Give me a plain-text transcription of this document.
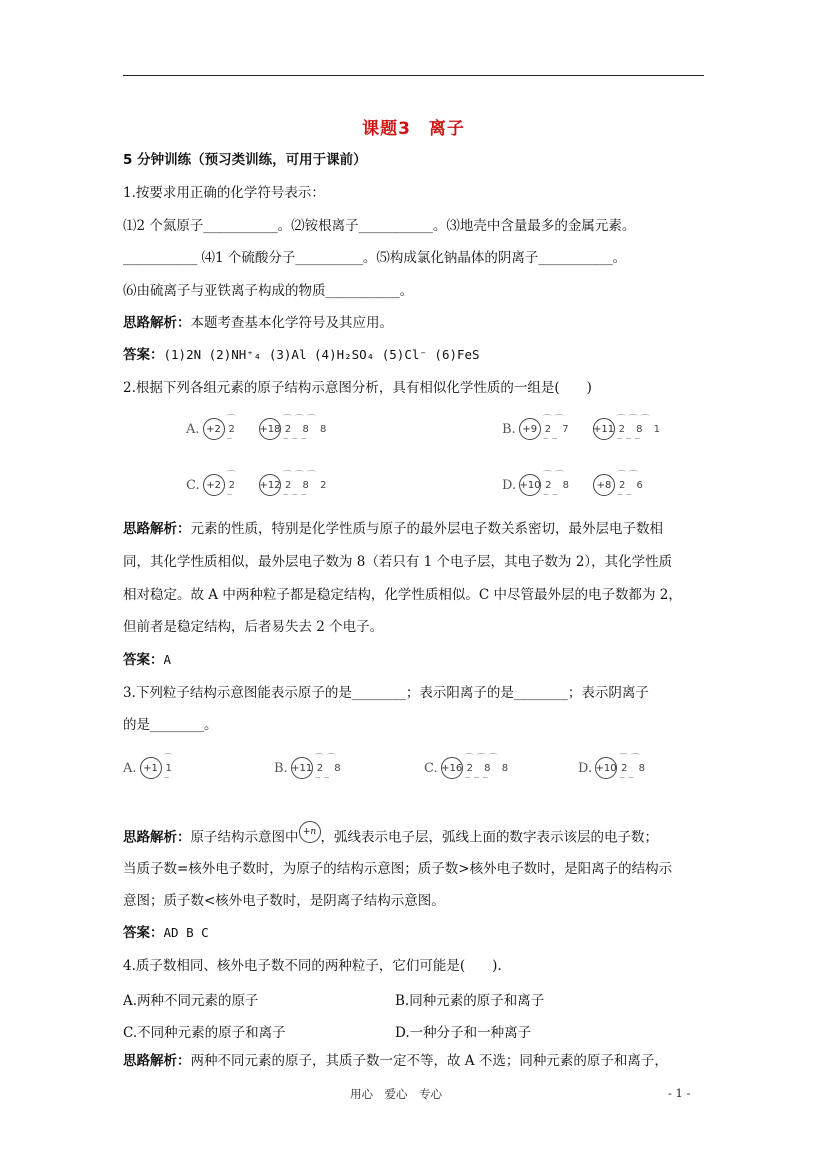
课题3　离子
5 分钟训练（预习类训练，可用于课前）
1.按要求用正确的化学符号表示：
⑴2 个氮原子___________。⑵铵根离子___________。⑶地壳中含量最多的金属元素。
___________ ⑷1 个硫酸分子__________。⑸构成氯化钠晶体的阴离子___________。
⑹由硫离子与亚铁离子构成的物质___________。
思路解析：本题考查基本化学符号及其应用。
答案：(1)2N (2)NH⁺₄ (3)Al (4)H₂SO₄ (5)Cl⁻ (6)FeS
2.根据下列各组元素的原子结构示意图分析，具有相似化学性质的一组是(　　)
A. +2
⌒
2
⌣
+18
⌒⌒⌒
2 8 8
⌣⌣⌣
B. +9
⌒⌒
2 7
⌣⌣
+11
⌒⌒⌒
2 8 1
⌣⌣⌣
C. +2
⌒
2
⌣
+12
⌒⌒⌒
2 8 2
⌣⌣⌣
D. +10
⌒⌒
2 8
⌣⌣
+8
⌒⌒
2 6
⌣⌣
思路解析：元素的性质，特别是化学性质与原子的最外层电子数关系密切，最外层电子数相
同，其化学性质相似，最外层电子数为 8（若只有 1 个电子层，其电子数为 2），其化学性质
相对稳定。故 A 中两种粒子都是稳定结构，化学性质相似。C 中尽管最外层的电子数都为 2，
但前者是稳定结构，后者易失去 2 个电子。
答案：A
3.下列粒子结构示意图能表示原子的是________；表示阳离子的是________；表示阴离子
的是________。
A. +1
⌒
1
⌣
B. +11
⌒⌒
2 8
⌣⌣
C. +16
⌒⌒⌒
2 8 8
⌣⌣⌣
D. +10
⌒⌒
2 8
⌣⌣
思路解析：原子结构示意图中 +n ，弧线表示电子层，弧线上面的数字表示该层的电子数；
当质子数=核外电子数时，为原子的结构示意图；质子数>核外电子数时，是阳离子的结构示
意图；质子数<核外电子数时，是阴离子结构示意图。
答案：AD B C
4.质子数相同、核外电子数不同的两种粒子，它们可能是(　　).
A.两种不同元素的原子	B.同种元素的原子和离子
C.不同种元素的原子和离子	D.一种分子和一种离子
思路解析：两种不同元素的原子，其质子数一定不等，故 A 不选；同种元素的原子和离子，
用心　爱心　专心	- 1 -
